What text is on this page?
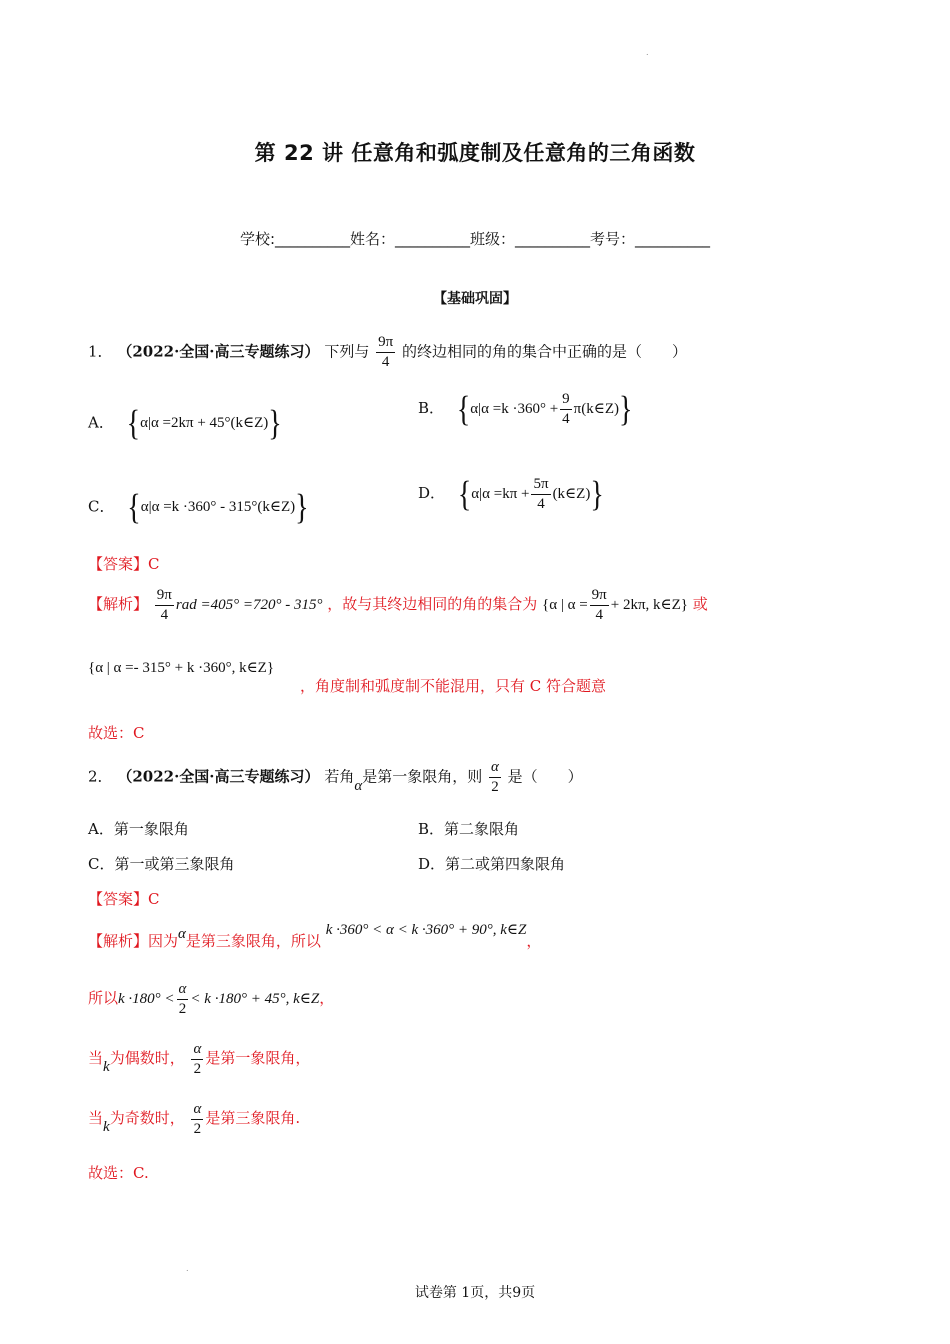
.
第 22 讲 任意角和弧度制及任意角的三角函数
学校:__________姓名：__________班级：__________考号：__________
【基础巩固】
1． （2022·全国·高三专题练习） 下列与 $\frac{9\pi}{4}$ 的终边相同的角的集合中正确的是（　　）
A． {α|α =2kπ + 45°(k∈Z)}	B． {$\alpha|\alpha =k \cdot 360^\circ + \frac{9}{4}$ π(k∈Z)}
C． {α|α =k ·360° - 315°(k∈Z)}	D． {$\alpha|\alpha =k\pi + \frac{5\pi}{4}$ (k∈Z)}
【答案】C
【解析】 $\frac{9\pi}{4}$ rad =405° =720° - 315° ，故与其终边相同的角的集合为 {α | $\alpha = \frac{9\pi}{4} + 2k\pi$, k∈Z} 或
{α | α =- 315° + k ·360°, k∈Z}
，角度制和弧度制不能混用，只有 C 符合题意
故选：C
2． （2022·全国·高三专题练习） 若角α是第一象限角，则 $\frac{\alpha}{2}$ 是（　　）
A．第一象限角	B．第二象限角
C．第一或第三象限角	D．第二或第四象限角
【答案】C
【解析】因为α是第三象限角，所以 k ·360° < α < k ·360° + 90°, k∈Z，
所以$k \cdot 180^\circ < \frac{\alpha}{2} < k \cdot 180^\circ + 45^\circ$, k∈Z，
当k为偶数时， $\frac{\alpha}{2}$ 是第一象限角，
当k为奇数时， $\frac{\alpha}{2}$ 是第三象限角.
故选：C.
.
试卷第 1页，共9页
